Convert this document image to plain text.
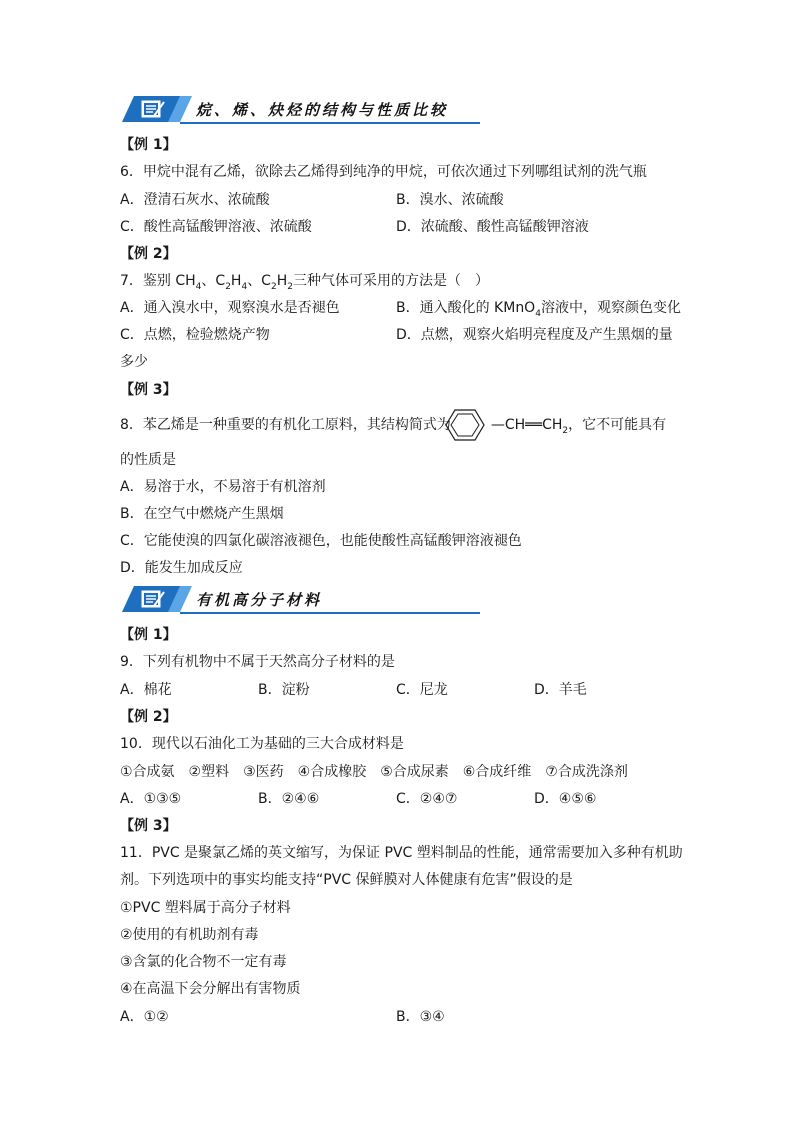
烷、烯、炔烃的结构与性质比较
【例 1】
6．甲烷中混有乙烯，欲除去乙烯得到纯净的甲烷，可依次通过下列哪组试剂的洗气瓶
A．澄清石灰水、浓硫酸	B．溴水、浓硫酸
C．酸性高锰酸钾溶液、浓硫酸	D．浓硫酸、酸性高锰酸钾溶液
【例 2】
7．鉴别 $CH_4$、$C_2H_4$、$C_2H_2$三种气体可采用的方法是（　）
A．通入溴水中，观察溴水是否褪色	B．通入酸化的 KMnO$_4$溶液中，观察颜色变化
C．点燃，检验燃烧产物	D．点燃，观察火焰明亮程度及产生黑烟的量
多少
【例 3】
8．苯乙烯是一种重要的有机化工原料，其结构简式为	$—CH══CH_2$，它不可能具有
的性质是
A．易溶于水，不易溶于有机溶剂
B．在空气中燃烧产生黑烟
C．它能使溴的四氯化碳溶液褪色，也能使酸性高锰酸钾溶液褪色
D．能发生加成反应
有机高分子材料
【例 1】
9．下列有机物中不属于天然高分子材料的是
A．棉花	B．淀粉	C．尼龙	D．羊毛
【例 2】
10．现代以石油化工为基础的三大合成材料是
①合成氨　②塑料　③医药　④合成橡胶　⑤合成尿素　⑥合成纤维　⑦合成洗涤剂
A．①③⑤	B．②④⑥	C．②④⑦	D．④⑤⑥
【例 3】
11．PVC 是聚氯乙烯的英文缩写，为保证 PVC 塑料制品的性能，通常需要加入多种有机助
剂。下列选项中的事实均能支持“PVC 保鲜膜对人体健康有危害”假设的是
①PVC 塑料属于高分子材料
②使用的有机助剂有毒
③含氯的化合物不一定有毒
④在高温下会分解出有害物质
A．①②	B．③④
